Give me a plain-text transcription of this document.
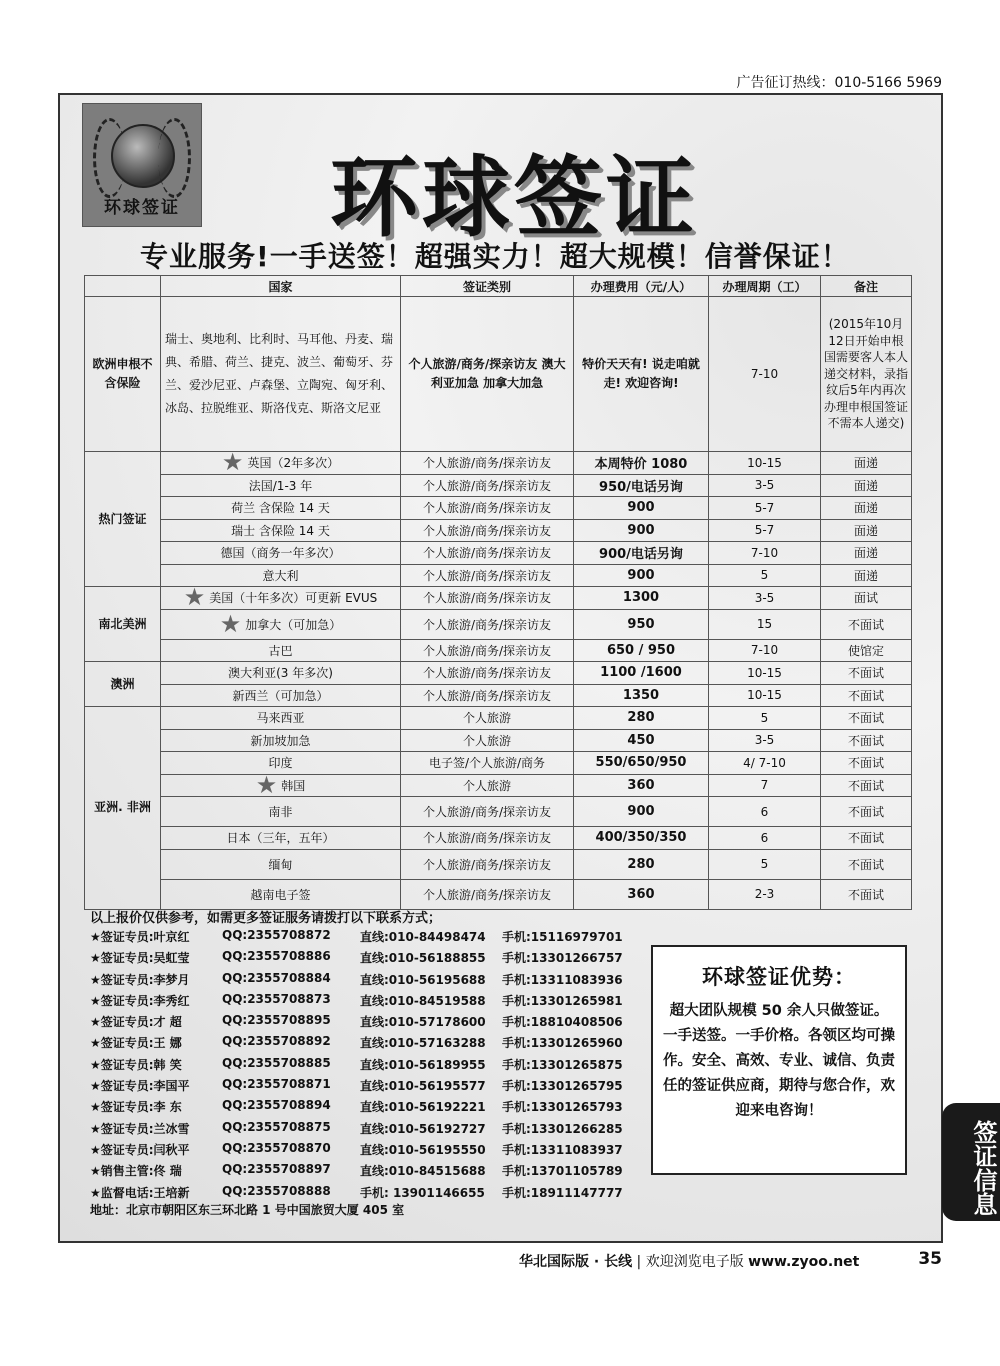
广告征订热线：010-5166 5969
环球签证 环球签证
专业服务!一手送签！超强实力！超大规模！信誉保证！
	国家	签证类别	办理费用（元/人）	办理周期（工）	备注
欧洲申根不含保险	瑞士、奥地利、比利时、马耳他、丹麦、瑞典、希腊、荷兰、捷克、波兰、葡萄牙、芬兰、爱沙尼亚、卢森堡、立陶宛、匈牙利、冰岛、拉脱维亚、斯洛伐克、斯洛文尼亚	个人旅游/商务/探亲访友 澳大利亚加急 加拿大加急	特价天天有! 说走咱就走! 欢迎咨询!	7-10	(2015年10月12日开始申根国需要客人本人递交材料，录指纹后5年内再次办理申根国签证不需本人递交)
热门签证	★ 英国（2年多次）	个人旅游/商务/探亲访友	本周特价 1080	10-15	面递
	法国/1-3 年	个人旅游/商务/探亲访友	950/电话另询	3-5	面递
	荷兰 含保险 14 天	个人旅游/商务/探亲访友	900	5-7	面递
	瑞士 含保险 14 天	个人旅游/商务/探亲访友	900	5-7	面递
	德国（商务一年多次）	个人旅游/商务/探亲访友	900/电话另询	7-10	面递
	意大利	个人旅游/商务/探亲访友	900	5	面递
南北美洲	★ 美国（十年多次）可更新 EVUS	个人旅游/商务/探亲访友	1300	3-5	面试
	★ 加拿大（可加急）	个人旅游/商务/探亲访友	950	15	不面试
	古巴	个人旅游/商务/探亲访友	650 / 950	7-10	使馆定
澳洲	澳大利亚(3 年多次)	个人旅游/商务/探亲访友	1100 /1600	10-15	不面试
	新西兰（可加急）	个人旅游/商务/探亲访友	1350	10-15	不面试
亚洲. 非洲	马来西亚	个人旅游	280	5	不面试
	新加坡加急	个人旅游	450	3-5	不面试
	印度	电子签/个人旅游/商务	550/650/950	4/ 7-10	不面试
	★ 韩国	个人旅游	360	7	不面试
	南非	个人旅游/商务/探亲访友	900	6	不面试
	日本（三年，五年）	个人旅游/商务/探亲访友	400/350/350	6	不面试
	缅甸	个人旅游/商务/探亲访友	280	5	不面试
	越南电子签	个人旅游/商务/探亲访友	360	2-3	不面试
以上报价仅供参考，如需更多签证服务请拨打以下联系方式；
★签证专员:叶京红	QQ:2355708872 直线:010-84498474 手机:15116979701
★签证专员:吴虹莹	QQ:2355708886 直线:010-56188855 手机:13301266757
★签证专员:李梦月	QQ:2355708884 直线:010-56195688 手机:13311083936
★签证专员:李秀红	QQ:2355708873 直线:010-84519588 手机:13301265981
★签证专员:才 超	QQ:2355708895 直线:010-57178600 手机:18810408506
★签证专员:王 娜	QQ:2355708892 直线:010-57163288 手机:13301265960
★签证专员:韩 笑	QQ:2355708885 直线:010-56189955 手机:13301265875
★签证专员:李国平	QQ:2355708871 直线:010-56195577 手机:13301265795
★签证专员:李 东	QQ:2355708894 直线:010-56192221 手机:13301265793
★签证专员:兰冰雪	QQ:2355708875 直线:010-56192727 手机:13301266285
★签证专员:闫秋平	QQ:2355708870 直线:010-56195550 手机:13311083937
★销售主管:佟 瑞	QQ:2355708897 直线:010-84515688 手机:13701105789
★监督电话:王培新	QQ:2355708888 手机: 13901146655 手机:18911147777
地址：北京市朝阳区东三环北路 1 号中国旅贸大厦 405 室
环球签证优势：
超大团队规模 50 余人只做签证。一手送签。一手价格。各领区均可操作。安全、高效、专业、诚信、负责任的签证供应商，期待与您合作，欢迎来电咨询！
签证信息
华北国际版 · 长线 | 欢迎浏览电子版 www.zyoo.net	35
